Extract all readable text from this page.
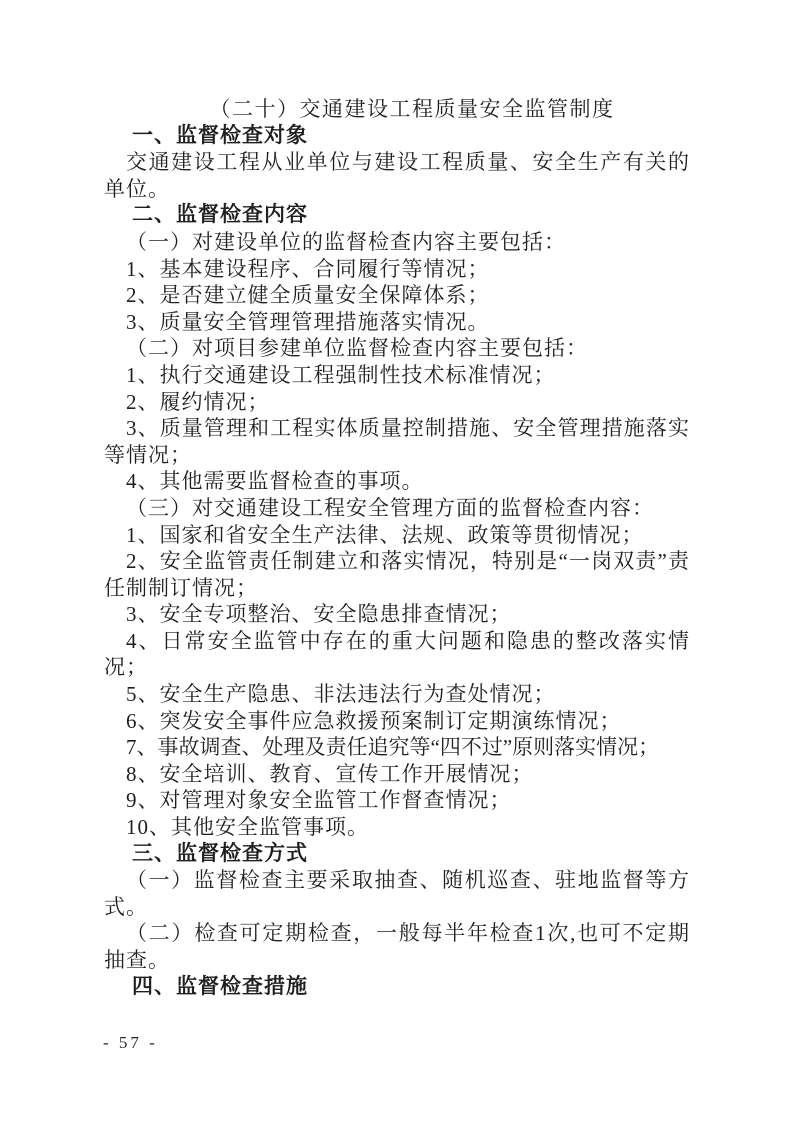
（二十）交通建设工程质量安全监管制度
一、监督检查对象
交通建设工程从业单位与建设工程质量、安全生产有关的单位。
二、监督检查内容
（一）对建设单位的监督检查内容主要包括：
1、基本建设程序、合同履行等情况；
2、是否建立健全质量安全保障体系；
3、质量安全管理管理措施落实情况。
（二）对项目参建单位监督检查内容主要包括：
1、执行交通建设工程强制性技术标准情况；
2、履约情况；
3、质量管理和工程实体质量控制措施、安全管理措施落实等情况；
4、其他需要监督检查的事项。
（三）对交通建设工程安全管理方面的监督检查内容：
1、国家和省安全生产法律、法规、政策等贯彻情况；
2、安全监管责任制建立和落实情况，特别是“一岗双责”责任制制订情况；
3、安全专项整治、安全隐患排查情况；
4、日常安全监管中存在的重大问题和隐患的整改落实情况；
5、安全生产隐患、非法违法行为查处情况；
6、突发安全事件应急救援预案制订定期演练情况；
7、事故调查、处理及责任追究等“四不过”原则落实情况；
8、安全培训、教育、宣传工作开展情况；
9、对管理对象安全监管工作督查情况；
10、其他安全监管事项。
三、监督检查方式
（一）监督检查主要采取抽查、随机巡查、驻地监督等方式。
（二）检查可定期检查，一般每半年检查1次,也可不定期抽查。
四、监督检查措施
- 57 -
